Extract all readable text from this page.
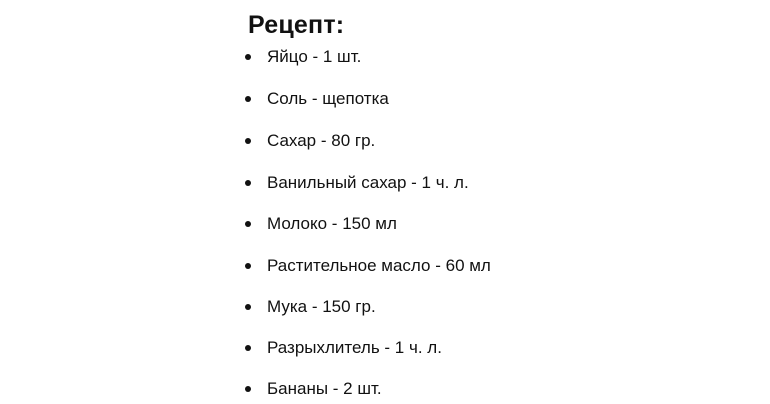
Рецепт:
Яйцо - 1 шт.
Соль - щепотка
Сахар - 80 гр.
Ванильный сахар - 1 ч. л.
Молоко - 150 мл
Растительное масло - 60 мл
Мука - 150 гр.
Разрыхлитель - 1 ч. л.
Бананы - 2 шт.
